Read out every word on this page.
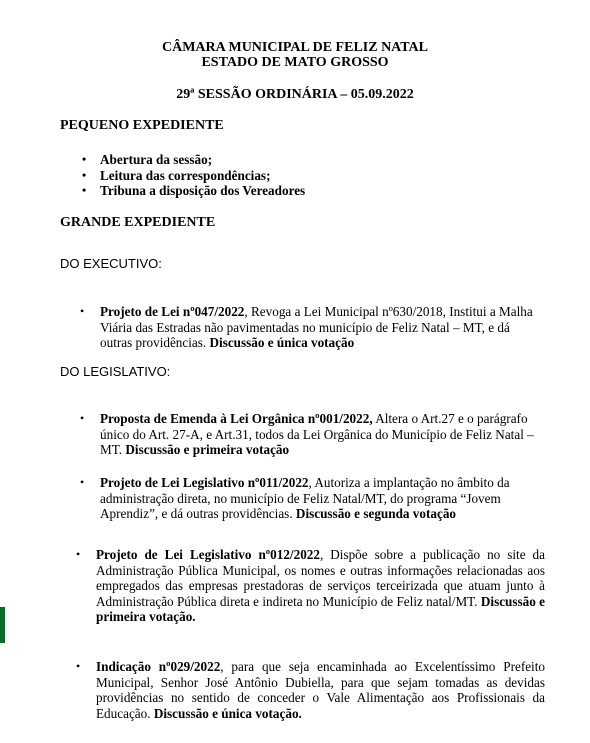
CÂMARA MUNICIPAL DE FELIZ NATAL
ESTADO DE MATO GROSSO
29ª SESSÃO ORDINÁRIA – 05.09.2022
PEQUENO EXPEDIENTE
• Abertura da sessão;
• Leitura das correspondências;
• Tribuna a disposição dos Vereadores
GRANDE EXPEDIENTE
DO EXECUTIVO:
• Projeto de Lei nº047/2022, Revoga a Lei Municipal nº630/2018, Institui a Malha Viária das Estradas não pavimentadas no município de Feliz Natal – MT, e dá outras providências. Discussão e única votação
DO LEGISLATIVO:
• Proposta de Emenda à Lei Orgânica nº001/2022, Altera o Art.27 e o parágrafo único do Art. 27-A, e Art.31, todos da Lei Orgânica do Município de Feliz Natal – MT. Discussão e primeira votação
• Projeto de Lei Legislativo nº011/2022, Autoriza a implantação no âmbito da administração direta, no município de Feliz Natal/MT, do programa “Jovem Aprendiz”, e dá outras providências. Discussão e segunda votação
• Projeto de Lei Legislativo nº012/2022, Dispõe sobre a publicação no site da Administração Pública Municipal, os nomes e outras informações relacionadas aos empregados das empresas prestadoras de serviços terceirizada que atuam junto à Administração Pública direta e indireta no Município de Feliz natal/MT. Discussão e primeira votação.
• Indicação nº029/2022, para que seja encaminhada ao Excelentíssimo Prefeito Municipal, Senhor José Antônio Dubiella, para que sejam tomadas as devidas providências no sentido de conceder o Vale Alimentação aos Profissionais da Educação. Discussão e única votação.
